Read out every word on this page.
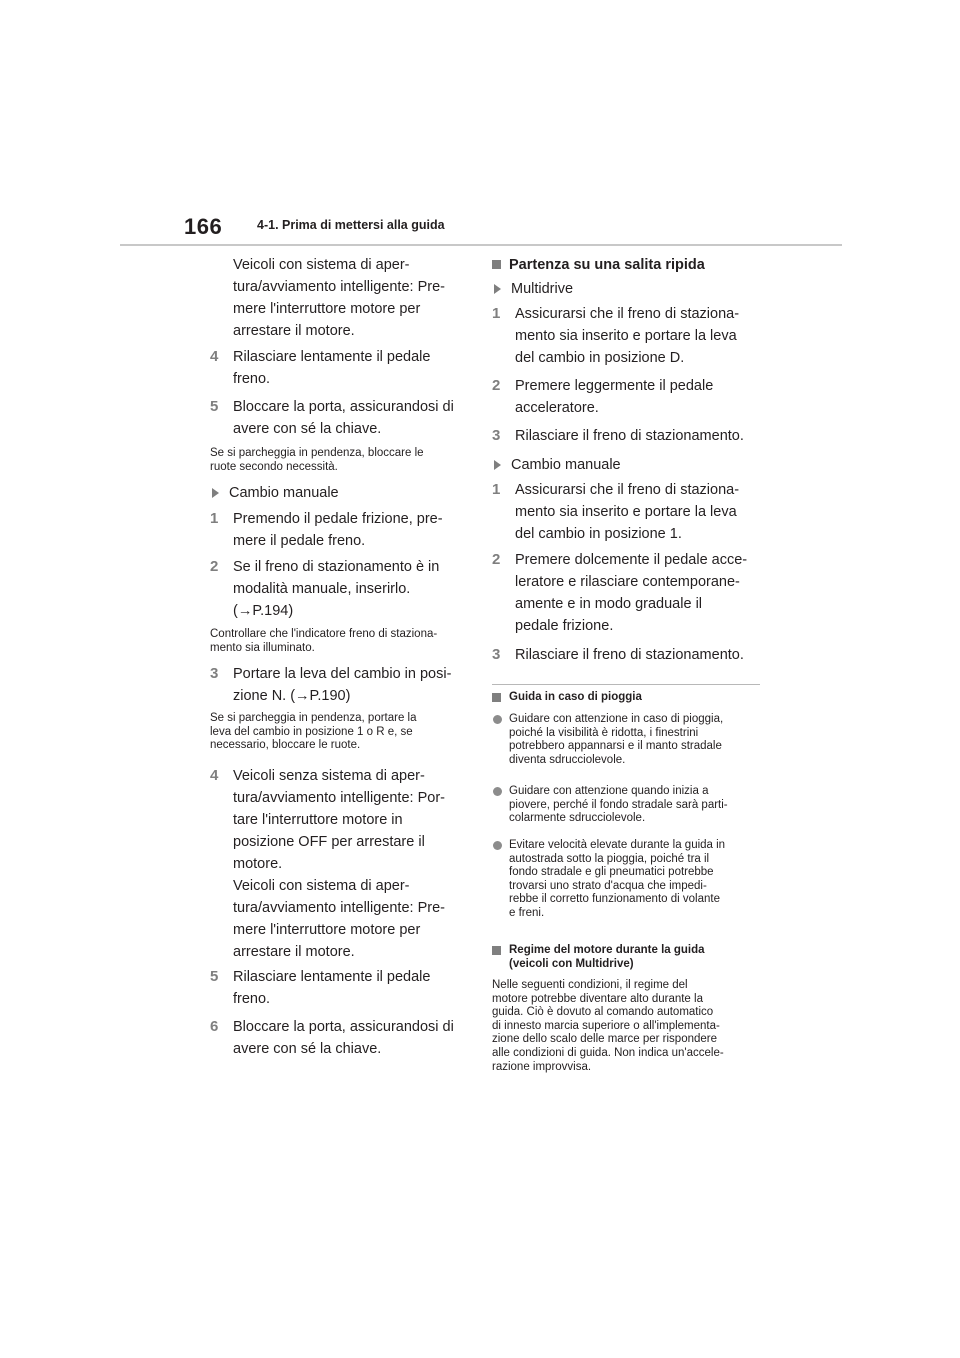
166	4-1. Prima di mettersi alla guida
Veicoli con sistema di aper-
tura/avviamento intelligente: Pre-
mere l'interruttore motore per
arrestare il motore.
4	Rilasciare lentamente il pedale
freno.
5	Bloccare la porta, assicurandosi di
avere con sé la chiave.
Se si parcheggia in pendenza, bloccare le
ruote secondo necessità.
Cambio manuale
1	Premendo il pedale frizione, pre-
mere il pedale freno.
2	Se il freno di stazionamento è in
modalità manuale, inserirlo.
(→P.194)
Controllare che l'indicatore freno di staziona-
mento sia illuminato.
3	Portare la leva del cambio in posi-
zione N. (→P.190)
Se si parcheggia in pendenza, portare la
leva del cambio in posizione 1 o R e, se
necessario, bloccare le ruote.
4	Veicoli senza sistema di aper-
tura/avviamento intelligente: Por-
tare l'interruttore motore in
posizione OFF per arrestare il
motore.
Veicoli con sistema di aper-
tura/avviamento intelligente: Pre-
mere l'interruttore motore per
arrestare il motore.
5	Rilasciare lentamente il pedale
freno.
6	Bloccare la porta, assicurandosi di
avere con sé la chiave.
Partenza su una salita ripida
Multidrive
1	Assicurarsi che il freno di staziona-
mento sia inserito e portare la leva
del cambio in posizione D.
2	Premere leggermente il pedale
acceleratore.
3	Rilasciare il freno di stazionamento.
Cambio manuale
1	Assicurarsi che il freno di staziona-
mento sia inserito e portare la leva
del cambio in posizione 1.
2	Premere dolcemente il pedale acce-
leratore e rilasciare contemporane-
amente e in modo graduale il
pedale frizione.
3	Rilasciare il freno di stazionamento.
Guida in caso di pioggia
Guidare con attenzione in caso di pioggia,
poiché la visibilità è ridotta, i finestrini
potrebbero appannarsi e il manto stradale
diventa sdrucciolevole.
Guidare con attenzione quando inizia a
piovere, perché il fondo stradale sarà parti-
colarmente sdrucciolevole.
Evitare velocità elevate durante la guida in
autostrada sotto la pioggia, poiché tra il
fondo stradale e gli pneumatici potrebbe
trovarsi uno strato d'acqua che impedi-
rebbe il corretto funzionamento di volante
e freni.
Regime del motore durante la guida
(veicoli con Multidrive)
Nelle seguenti condizioni, il regime del
motore potrebbe diventare alto durante la
guida. Ciò è dovuto al comando automatico
di innesto marcia superiore o all'implementa-
zione dello scalo delle marce per rispondere
alle condizioni di guida. Non indica un'accele-
razione improvvisa.
